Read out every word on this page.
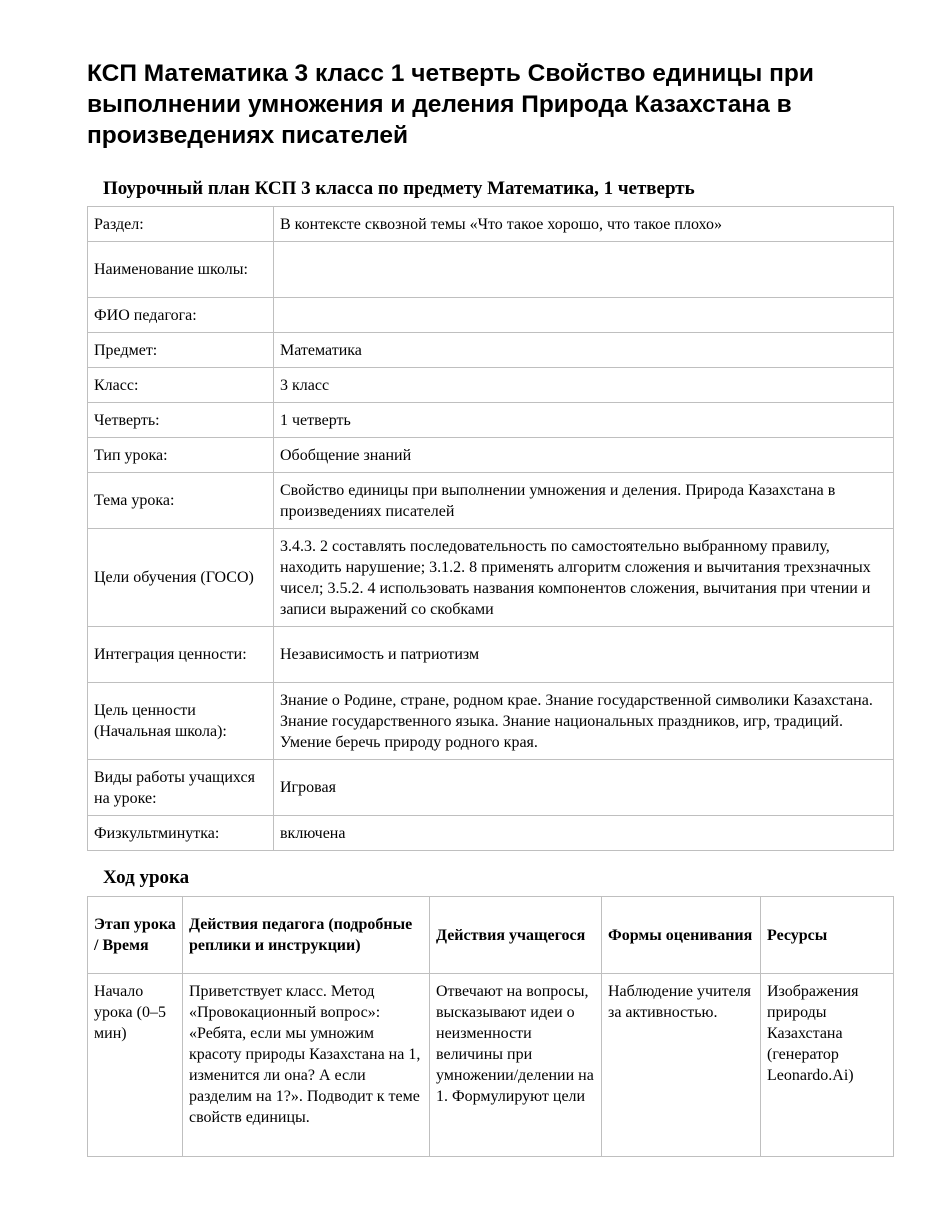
КСП Математика 3 класс 1 четверть Свойство единицы при выполнении умножения и деления Природа Казахстана в произведениях писателей
Поурочный план КСП 3 класса по предмету Математика, 1 четверть
Раздел:	В контексте сквозной темы «Что такое хорошо, что такое плохо»
Наименование школы:	
ФИО педагога:	
Предмет:	Математика
Класс:	3 класс
Четверть:	1 четверть
Тип урока:	Обобщение знаний
Тема урока:	Свойство единицы при выполнении умножения и деления. Природа Казахстана в произведениях писателей
Цели обучения (ГОСО)	3.4.3. 2 составлять последовательность по самостоятельно выбранному правилу, находить нарушение; 3.1.2. 8 применять алгоритм сложения и вычитания трехзначных чисел; 3.5.2. 4 использовать названия компонентов сложения, вычитания при чтении и записи выражений со скобками
Интеграция ценности:	Независимость и патриотизм
Цель ценности (Начальная школа):	Знание о Родине, стране, родном крае. Знание государственной символики Казахстана. Знание государственного языка. Знание национальных праздников, игр, традиций. Умение беречь природу родного края.
Виды работы учащихся на уроке:	Игровая
Физкультминутка:	включена
Ход урока
Этап урока / Время	Действия педагога (подробные реплики и инструкции)	Действия учащегося	Формы оценивания	Ресурсы
Начало урока (0–5 мин)	Приветствует класс. Метод «Провокационный вопрос»: «Ребята, если мы умножим красоту природы Казахстана на 1, изменится ли она? А если разделим на 1?». Подводит к теме свойств единицы.	Отвечают на вопросы, высказывают идеи о неизменности величины при умножении/делении на 1. Формулируют цели	Наблюдение учителя за активностью.	Изображения природы Казахстана (генератор Leonardo.Ai)
